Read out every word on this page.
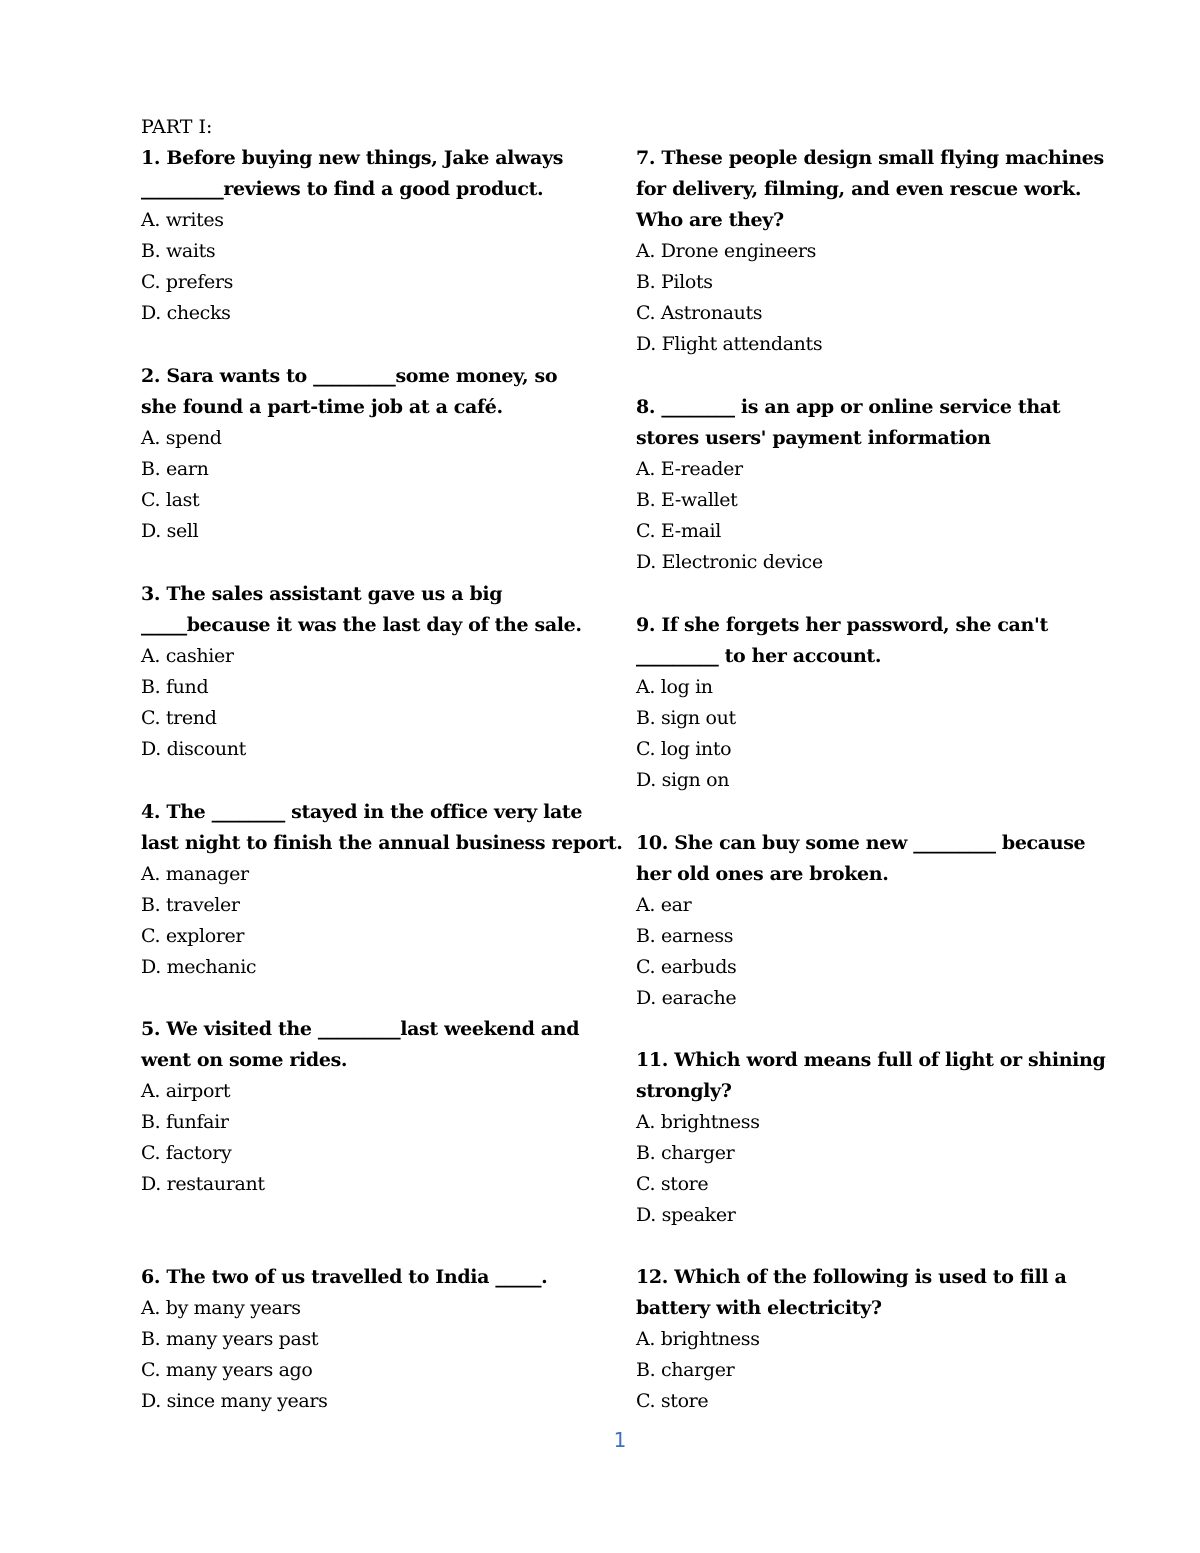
PART I:
1. Before buying new things, Jake always
_________reviews to find a good product.
A. writes
B. waits
C. prefers
D. checks
2. Sara wants to _________some money, so
she found a part-time job at a café.
A. spend
B. earn
C. last
D. sell
3. The sales assistant gave us a big
_____because it was the last day of the sale.
A. cashier
B. fund
C. trend
D. discount
4. The ________ stayed in the office very late
last night to finish the annual business report.
A. manager
B. traveler
C. explorer
D. mechanic
5. We visited the _________last weekend and
went on some rides.
A. airport
B. funfair
C. factory
D. restaurant
6. The two of us travelled to India _____.
A. by many years
B. many years past
C. many years ago
D. since many years
7. These people design small flying machines
for delivery, filming, and even rescue work.
Who are they?
A. Drone engineers
B. Pilots
C. Astronauts
D. Flight attendants
8. ________ is an app or online service that
stores users' payment information
A. E-reader
B. E-wallet
C. E-mail
D. Electronic device
9. If she forgets her password, she can't
_________ to her account.
A. log in
B. sign out
C. log into
D. sign on
10. She can buy some new _________ because
her old ones are broken.
A. ear
B. earness
C. earbuds
D. earache
11. Which word means full of light or shining
strongly?
A. brightness
B. charger
C. store
D. speaker
12. Which of the following is used to fill a
battery with electricity?
A. brightness
B. charger
C. store
1
